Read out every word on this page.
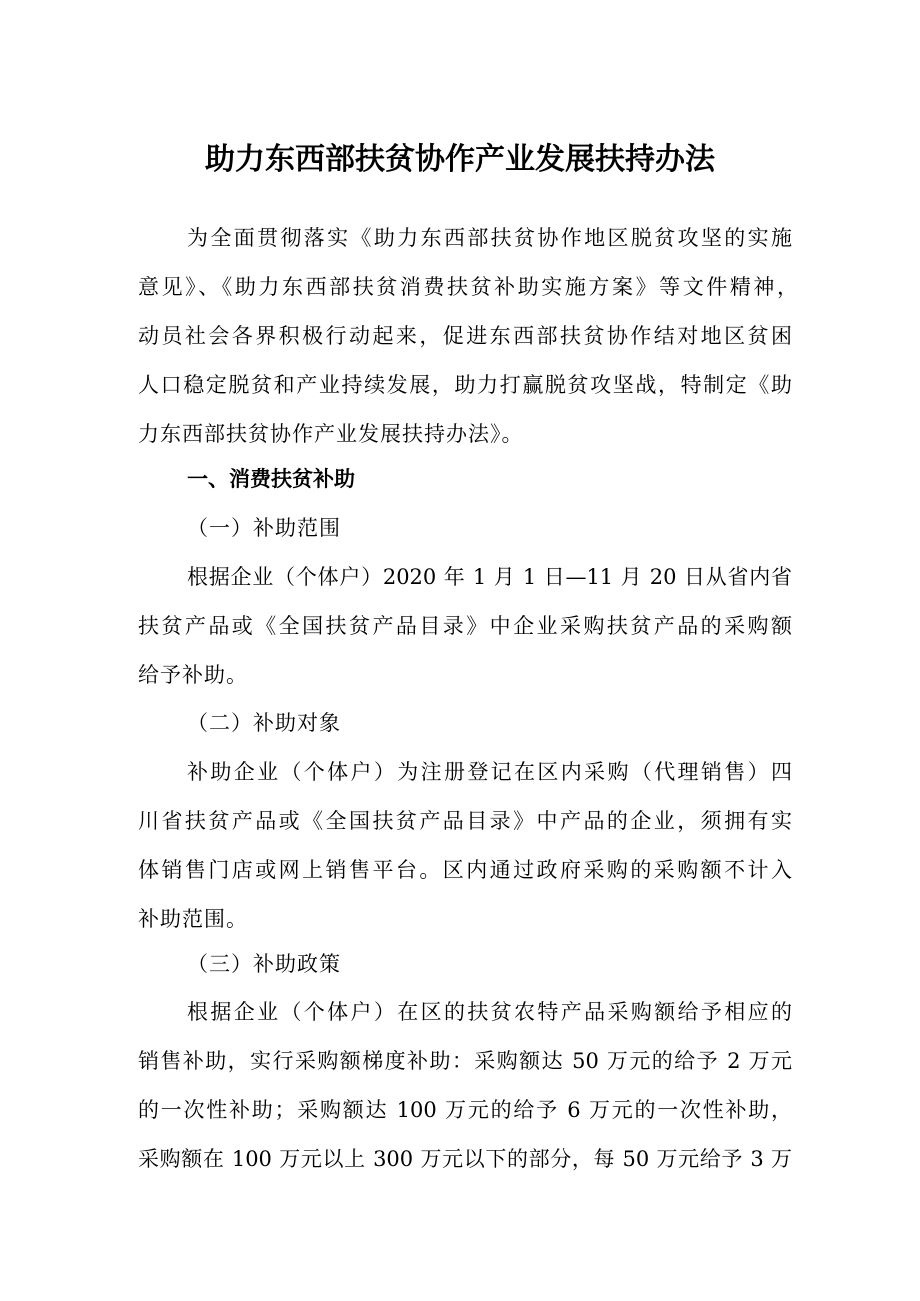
助力东西部扶贫协作产业发展扶持办法
为全面贯彻落实《助力东西部扶贫协作地区脱贫攻坚的实施
意见》、《助力东西部扶贫消费扶贫补助实施方案》等文件精神，
动员社会各界积极行动起来，促进东西部扶贫协作结对地区贫困
人口稳定脱贫和产业持续发展，助力打赢脱贫攻坚战，特制定《助
力东西部扶贫协作产业发展扶持办法》。
一、消费扶贫补助
（一）补助范围
根据企业（个体户）2020 年 1 月 1 日—11 月 20 日从省内省
扶贫产品或《全国扶贫产品目录》中企业采购扶贫产品的采购额
给予补助。
（二）补助对象
补助企业（个体户）为注册登记在区内采购（代理销售）四
川省扶贫产品或《全国扶贫产品目录》中产品的企业，须拥有实
体销售门店或网上销售平台。区内通过政府采购的采购额不计入
补助范围。
（三）补助政策
根据企业（个体户）在区的扶贫农特产品采购额给予相应的
销售补助，实行采购额梯度补助：采购额达 50 万元的给予 2 万元
的一次性补助；采购额达 100 万元的给予 6 万元的一次性补助，
采购额在 100 万元以上 300 万元以下的部分，每 50 万元给予 3 万
